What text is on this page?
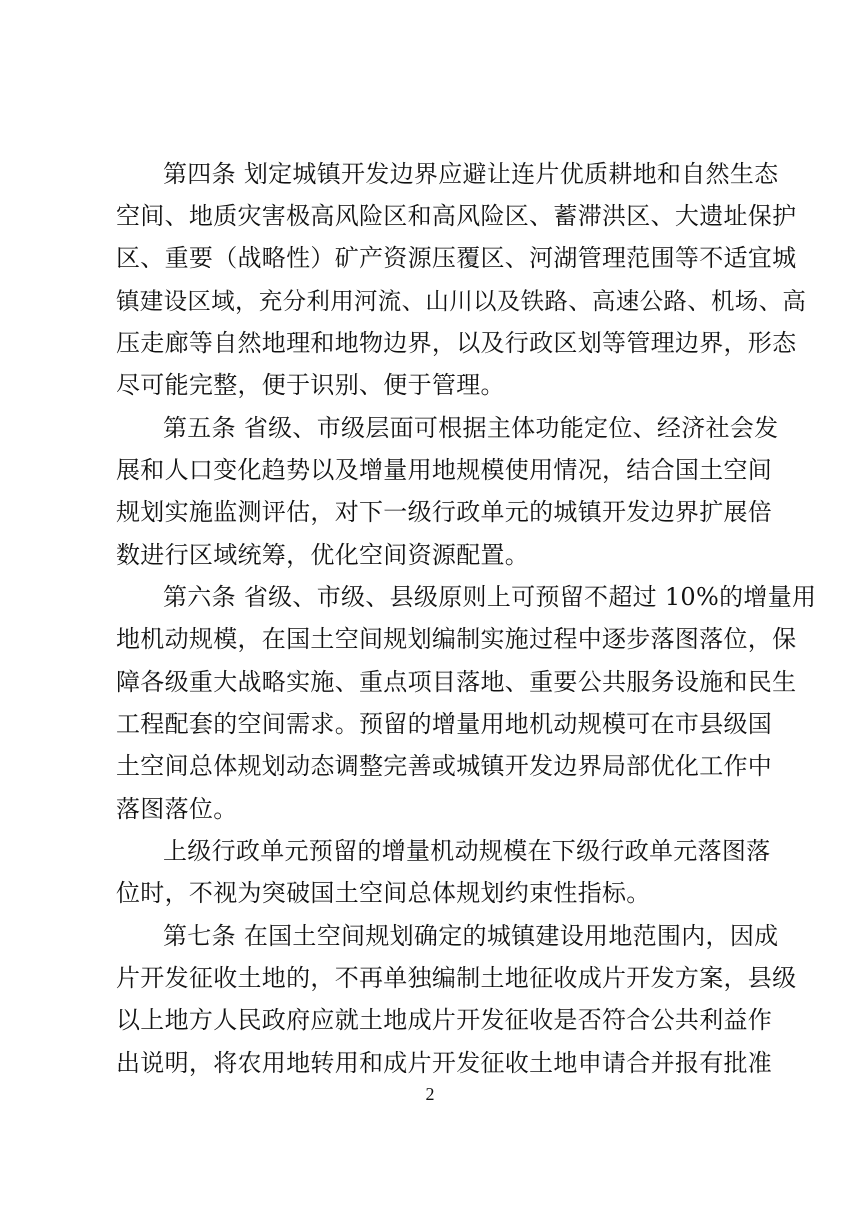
第四条 划定城镇开发边界应避让连片优质耕地和自然生态

空间、地质灾害极高风险区和高风险区、蓄滞洪区、大遗址保护

区、重要（战略性）矿产资源压覆区、河湖管理范围等不适宜城

镇建设区域，充分利用河流、山川以及铁路、高速公路、机场、高

压走廊等自然地理和地物边界，以及行政区划等管理边界，形态

尽可能完整，便于识别、便于管理。

第五条 省级、市级层面可根据主体功能定位、经济社会发

展和人口变化趋势以及增量用地规模使用情况，结合国土空间

规划实施监测评估，对下一级行政单元的城镇开发边界扩展倍

数进行区域统筹，优化空间资源配置。

第六条 省级、市级、县级原则上可预留不超过 10%的增量用

地机动规模，在国土空间规划编制实施过程中逐步落图落位，保

障各级重大战略实施、重点项目落地、重要公共服务设施和民生

工程配套的空间需求。预留的增量用地机动规模可在市县级国

土空间总体规划动态调整完善或城镇开发边界局部优化工作中

落图落位。

上级行政单元预留的增量机动规模在下级行政单元落图落

位时，不视为突破国土空间总体规划约束性指标。

第七条 在国土空间规划确定的城镇建设用地范围内，因成

片开发征收土地的，不再单独编制土地征收成片开发方案，县级

以上地方人民政府应就土地成片开发征收是否符合公共利益作

出说明，将农用地转用和成片开发征收土地申请合并报有批准

2
